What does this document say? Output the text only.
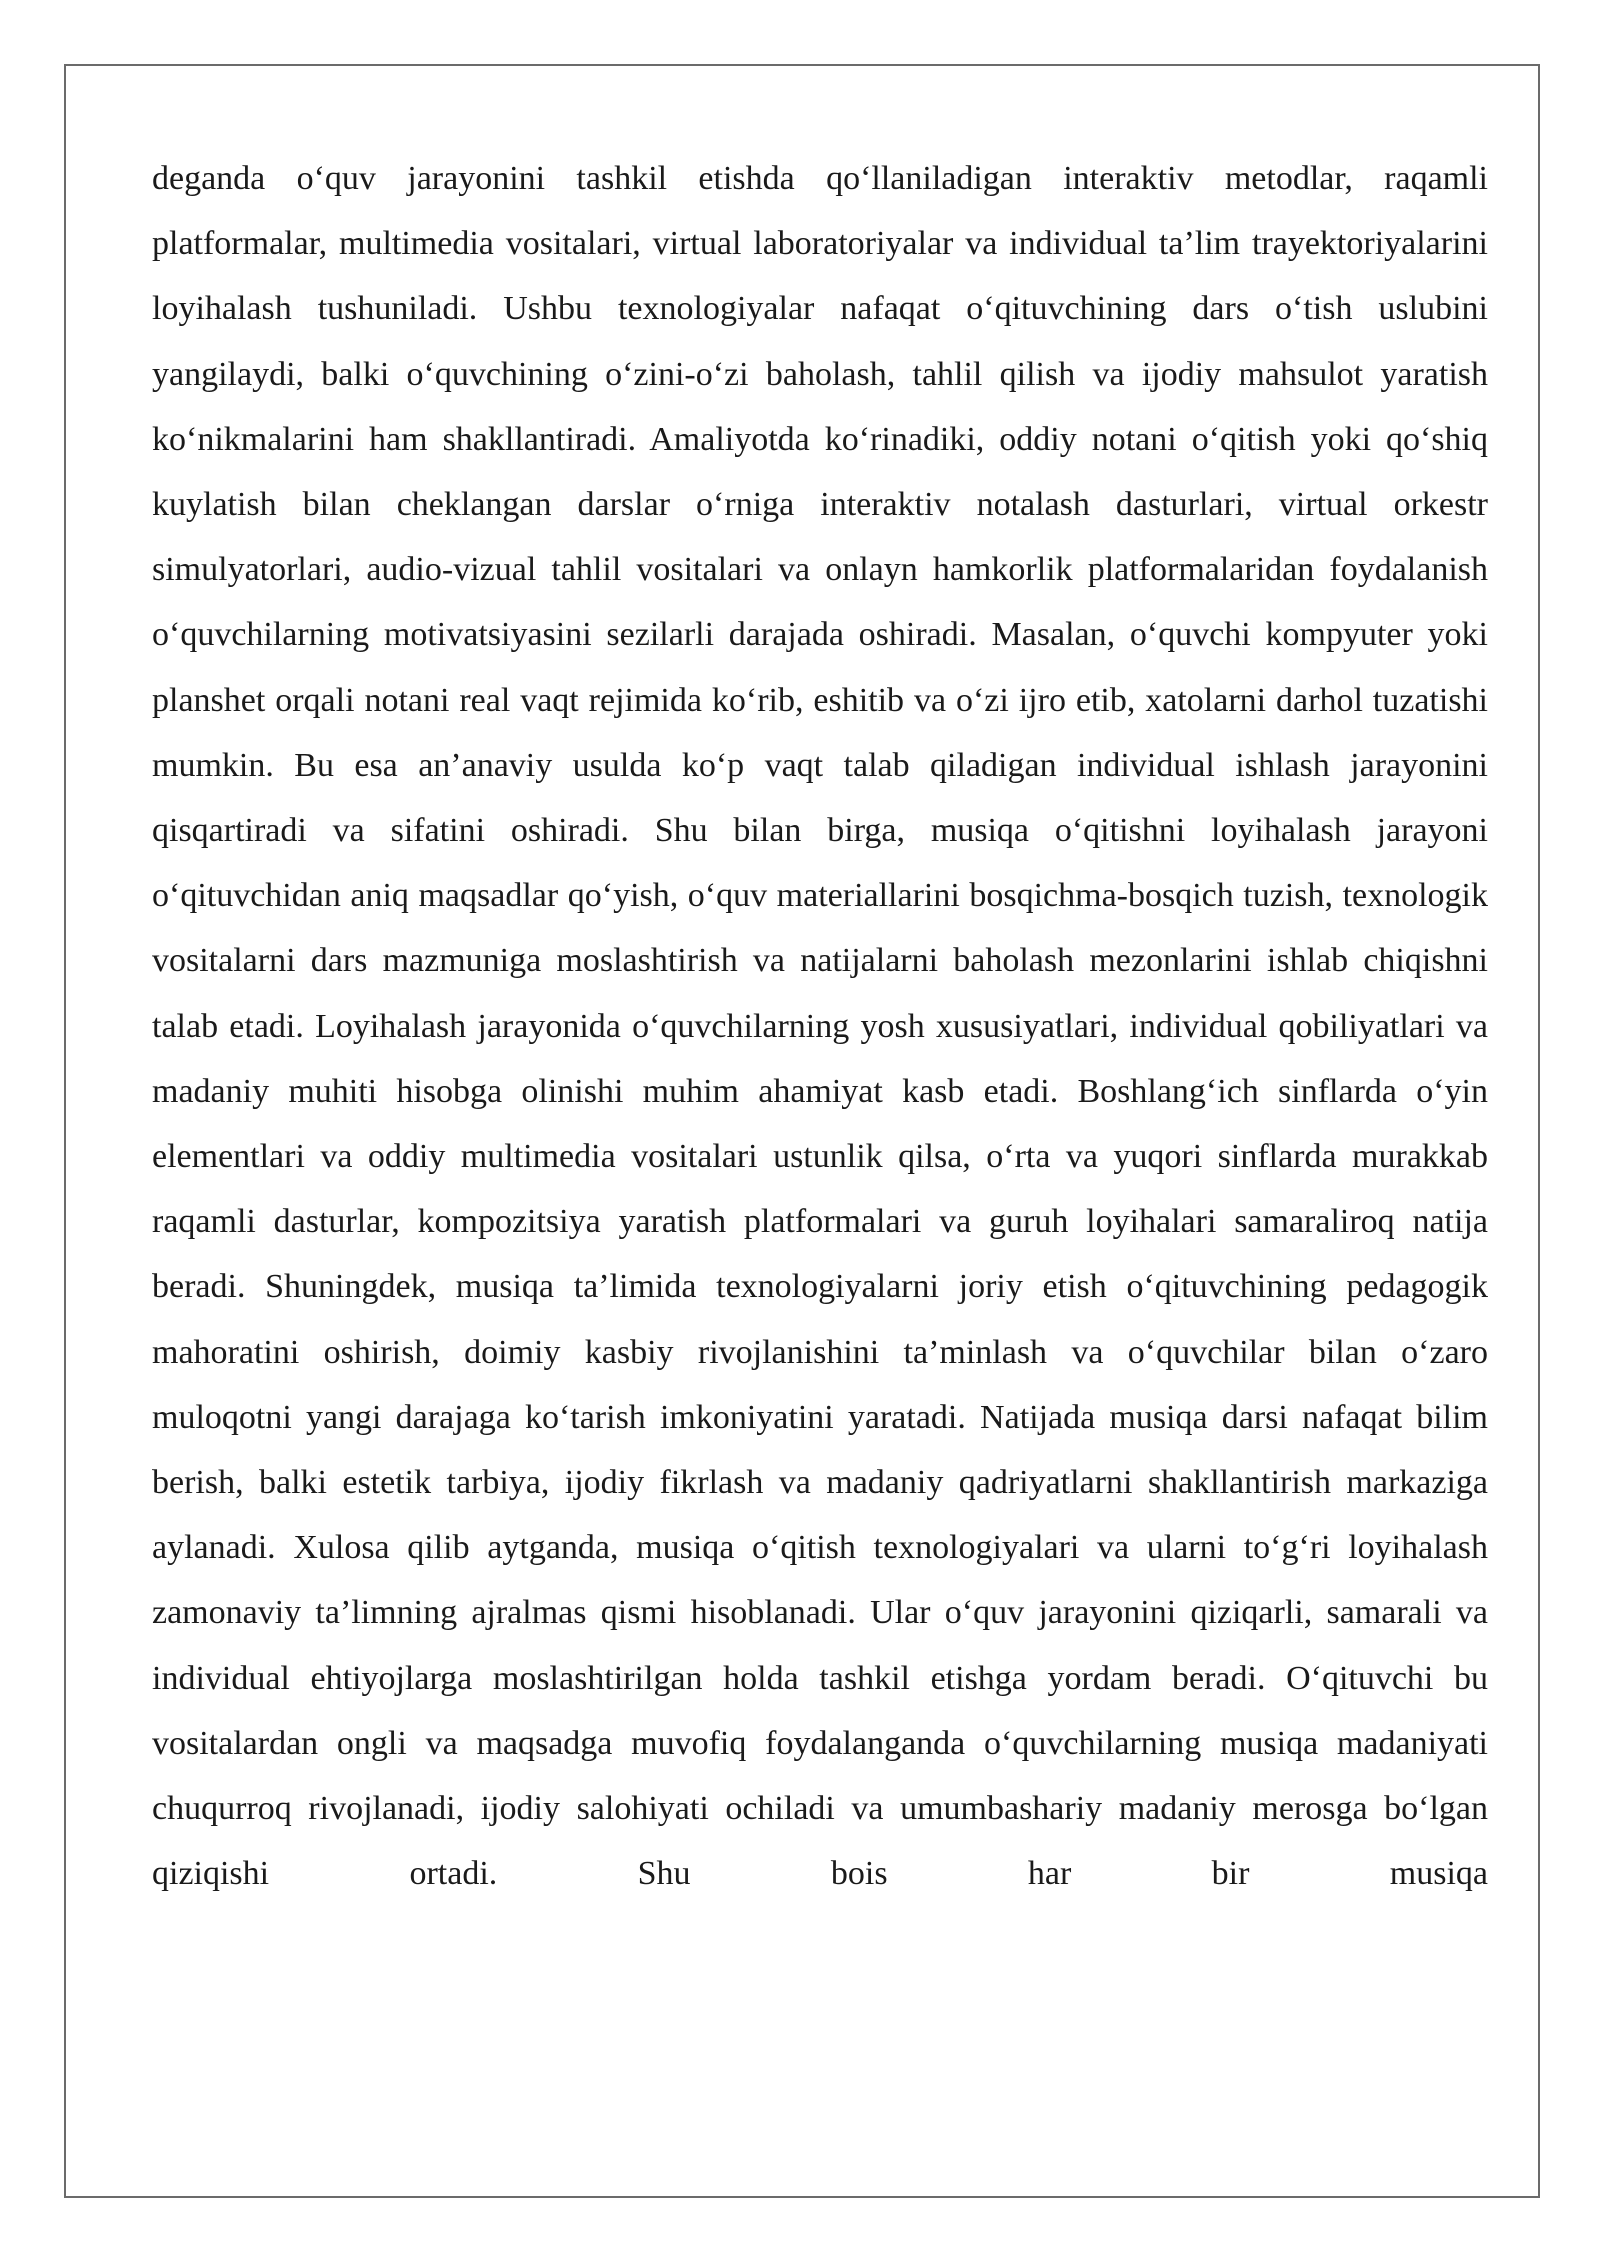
deganda o‘quv jarayonini tashkil etishda qo‘llaniladigan interaktiv metodlar, raqamli platformalar, multimedia vositalari, virtual laboratoriyalar va individual ta’lim trayektoriyalarini loyihalash tushuniladi. Ushbu texnologiyalar nafaqat o‘qituvchining dars o‘tish uslubini yangilaydi, balki o‘quvchining o‘zini-o‘zi baholash, tahlil qilish va ijodiy mahsulot yaratish ko‘nikmalarini ham shakllantiradi. Amaliyotda ko‘rinadiki, oddiy notani o‘qitish yoki qo‘shiq kuylatish bilan cheklangan darslar o‘rniga interaktiv notalash dasturlari, virtual orkestr simulyatorlari, audio-vizual tahlil vositalari va onlayn hamkorlik platformalaridan foydalanish o‘quvchilarning motivatsiyasini sezilarli darajada oshiradi. Masalan, o‘quvchi kompyuter yoki planshet orqali notani real vaqt rejimida ko‘rib, eshitib va o‘zi ijro etib, xatolarni darhol tuzatishi mumkin. Bu esa an’anaviy usulda ko‘p vaqt talab qiladigan individual ishlash jarayonini qisqartiradi va sifatini oshiradi. Shu bilan birga, musiqa o‘qitishni loyihalash jarayoni o‘qituvchidan aniq maqsadlar qo‘yish, o‘quv materiallarini bosqichma-bosqich tuzish, texnologik vositalarni dars mazmuniga moslashtirish va natijalarni baholash mezonlarini ishlab chiqishni talab etadi. Loyihalash jarayonida o‘quvchilarning yosh xususiyatlari, individual qobiliyatlari va madaniy muhiti hisobga olinishi muhim ahamiyat kasb etadi. Boshlang‘ich sinflarda o‘yin elementlari va oddiy multimedia vositalari ustunlik qilsa, o‘rta va yuqori sinflarda murakkab raqamli dasturlar, kompozitsiya yaratish platformalari va guruh loyihalari samaraliroq natija beradi. Shuningdek, musiqa ta’limida texnologiyalarni joriy etish o‘qituvchining pedagogik mahoratini oshirish, doimiy kasbiy rivojlanishini ta’minlash va o‘quvchilar bilan o‘zaro muloqotni yangi darajaga ko‘tarish imkoniyatini yaratadi. Natijada musiqa darsi nafaqat bilim berish, balki estetik tarbiya, ijodiy fikrlash va madaniy qadriyatlarni shakllantirish markaziga aylanadi. Xulosa qilib aytganda, musiqa o‘qitish texnologiyalari va ularni to‘g‘ri loyihalash zamonaviy ta’limning ajralmas qismi hisoblanadi. Ular o‘quv jarayonini qiziqarli, samarali va individual ehtiyojlarga moslashtirilgan holda tashkil etishga yordam beradi. O‘qituvchi bu vositalardan ongli va maqsadga muvofiq foydalanganda o‘quvchilarning musiqa madaniyati chuqurroq rivojlanadi, ijodiy salohiyati ochiladi va umumbashariy madaniy merosga bo‘lgan qiziqishi ortadi. Shu bois har bir musiqa
